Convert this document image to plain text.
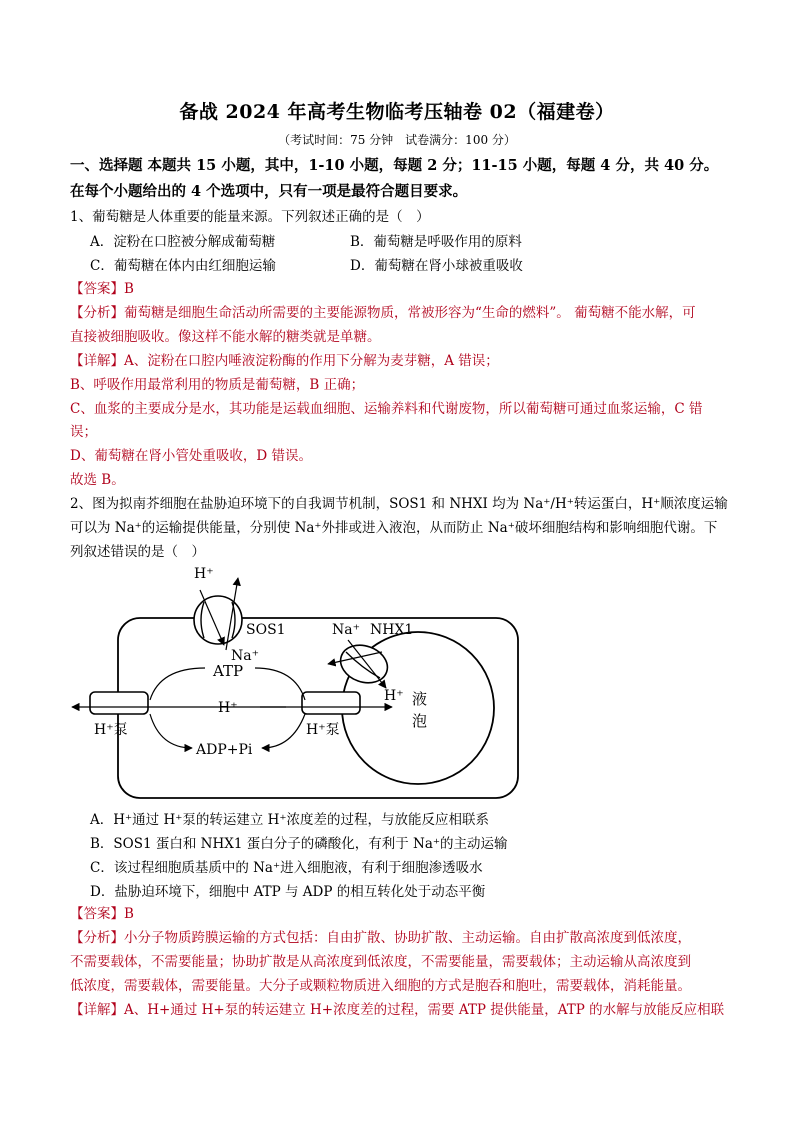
备战 2024 年高考生物临考压轴卷 02（福建卷）
（考试时间：75 分钟　试卷满分：100 分）
一、选择题 本题共 15 小题，其中，1-10 小题，每题 2 分；11-15 小题，每题 4 分，共 40 分。
在每个小题给出的 4 个选项中，只有一项是最符合题目要求。
1、葡萄糖是人体重要的能量来源。下列叙述正确的是（　）
A．淀粉在口腔被分解成葡萄糖	B．葡萄糖是呼吸作用的原料
C．葡萄糖在体内由红细胞运输	D．葡萄糖在肾小球被重吸收
【答案】B
【分析】葡萄糖是细胞生命活动所需要的主要能源物质，常被形容为“生命的燃料”。 葡萄糖不能水解，可
直接被细胞吸收。像这样不能水解的糖类就是单糖。
【详解】A、淀粉在口腔内唾液淀粉酶的作用下分解为麦芽糖，A 错误；
B、呼吸作用最常利用的物质是葡萄糖，B 正确；
C、血浆的主要成分是水，其功能是运载血细胞、运输养料和代谢废物，所以葡萄糖可通过血浆运输，C 错
误；
D、葡萄糖在肾小管处重吸收，D 错误。
故选 B。
2、图为拟南芥细胞在盐胁迫环境下的自我调节机制，SOS1 和 NHXI 均为 Na⁺/H⁺转运蛋白，H⁺顺浓度运输
可以为 Na⁺的运输提供能量，分别使 Na⁺外排或进入液泡，从而防止 Na⁺破坏细胞结构和影响细胞代谢。下
列叙述错误的是（　）
H⁺
SOS1
Na⁺
ATP
H⁺
H⁺泵	H⁺泵
ADP+Pi
Na⁺ NHX1
H⁺ 液
泡
A．H⁺通过 H⁺泵的转运建立 H⁺浓度差的过程，与放能反应相联系
B．SOS1 蛋白和 NHX1 蛋白分子的磷酸化，有利于 Na⁺的主动运输
C．该过程细胞质基质中的 Na⁺进入细胞液，有利于细胞渗透吸水
D．盐胁迫环境下，细胞中 ATP 与 ADP 的相互转化处于动态平衡
【答案】B
【分析】小分子物质跨膜运输的方式包括：自由扩散、协助扩散、主动运输。自由扩散高浓度到低浓度，
不需要载体，不需要能量；协助扩散是从高浓度到低浓度，不需要能量，需要载体；主动运输从高浓度到
低浓度，需要载体，需要能量。大分子或颗粒物质进入细胞的方式是胞吞和胞吐，需要载体，消耗能量。
【详解】A、H+通过 H+泵的转运建立 H+浓度差的过程，需要 ATP 提供能量，ATP 的水解与放能反应相联
